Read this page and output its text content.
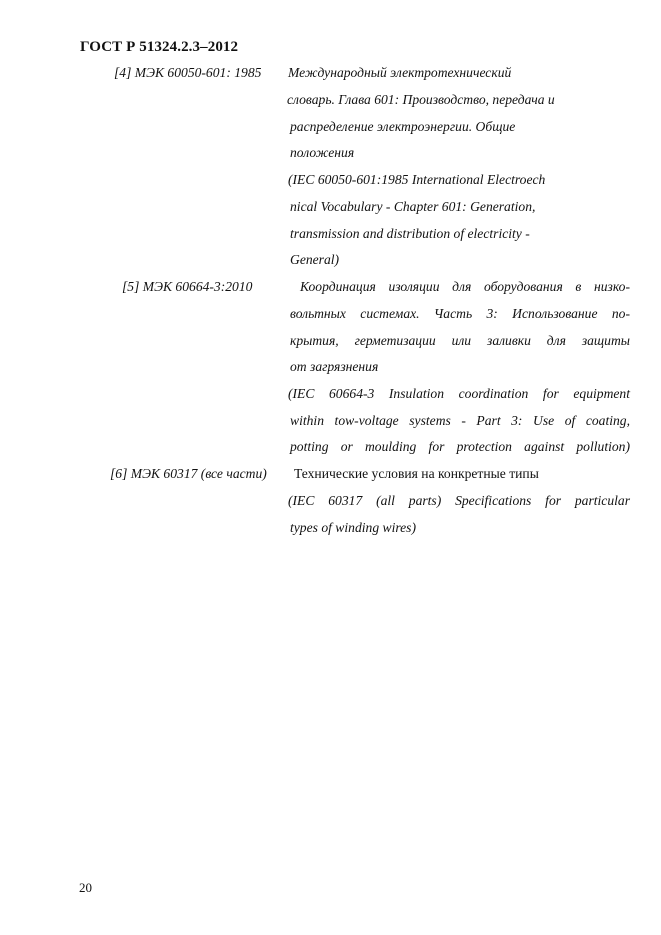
ГОСТ Р 51324.2.3–2012
[4] МЭК 60050-601: 1985 Международный электротехнический
словарь. Глава 601: Производство, передача и
распределение электроэнергии. Общие
положения
(IEC 60050-601:1985 International Electroech
nical Vocabulary - Chapter 601: Generation,
transmission and distribution of electricity -
General)
[5] МЭК 60664-3:2010	Координация изоляции для оборудования в низко-
вольтных системах. Часть 3: Использование по-
крытия, герметизации или заливки для защиты
от загрязнения
(IEC 60664-3 Insulation coordination for equipment
within tow-voltage systems - Part 3: Use of coating,
potting or moulding for protection against pollution)
[6] МЭК 60317 (все части) Технические условия на конкретные типы
(IEC 60317 (all parts) Specifications for particular
types of winding wires)
20
